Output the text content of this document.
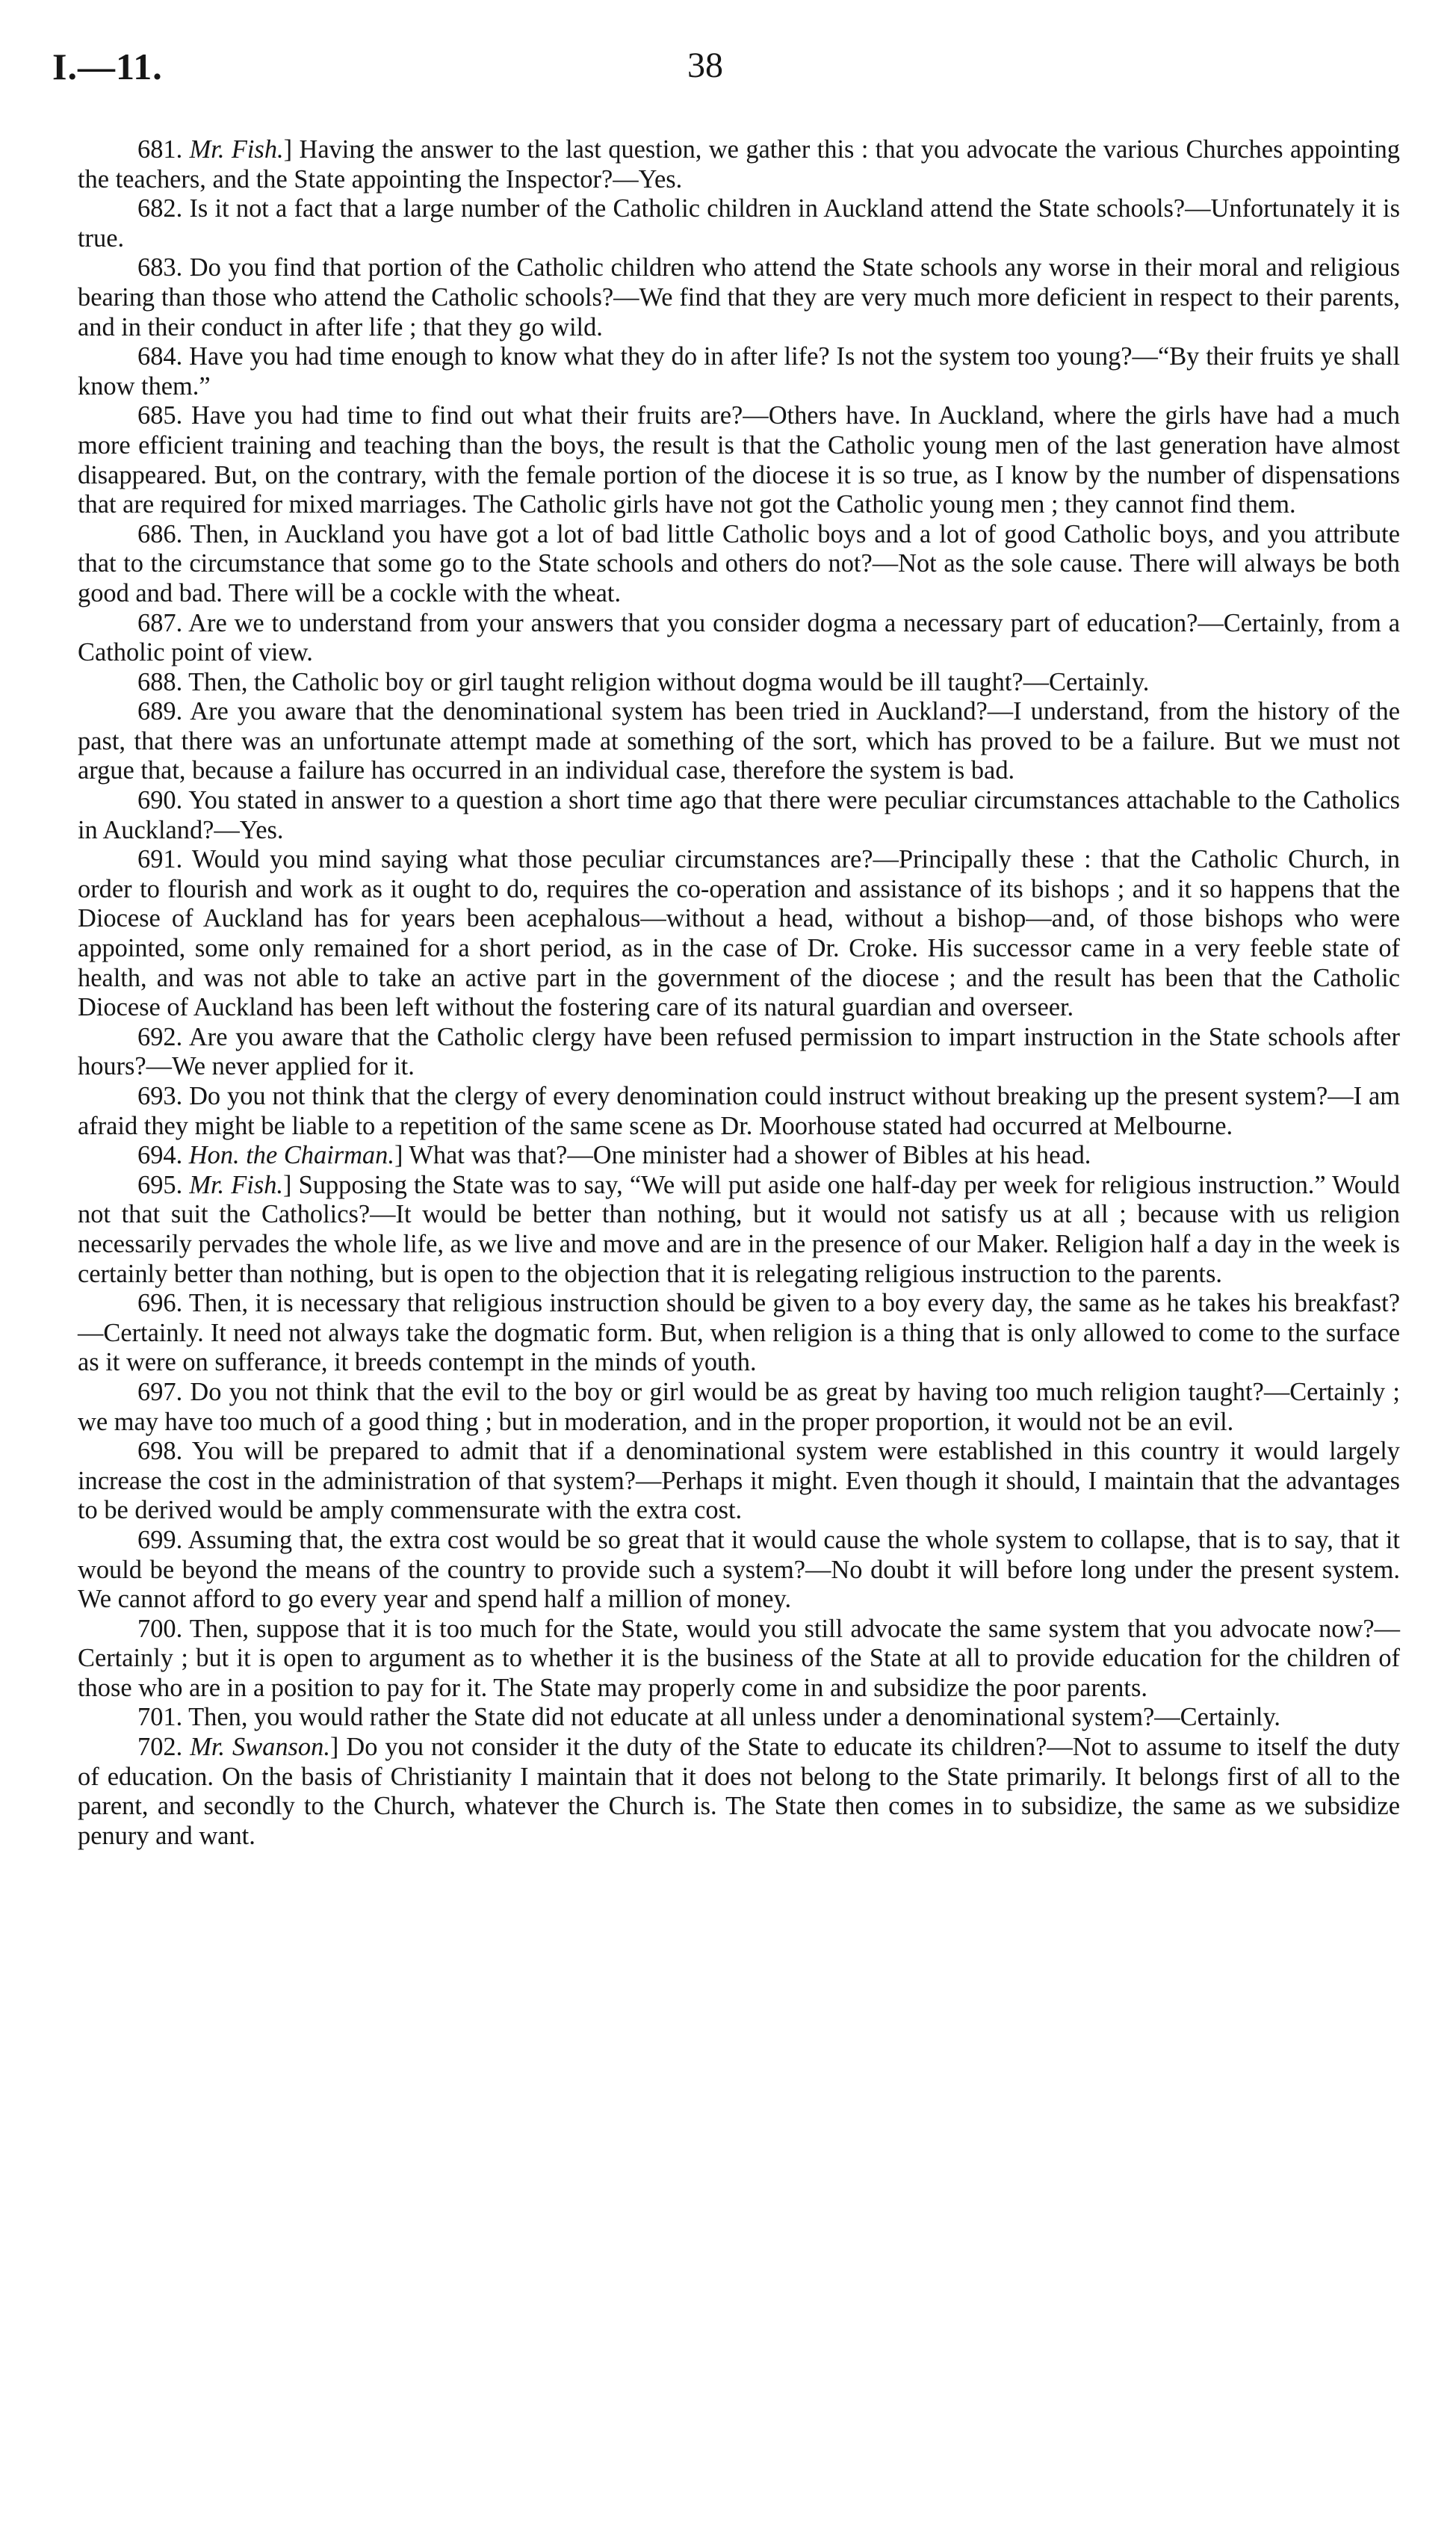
I.—11.	38

681. Mr. Fish.] Having the answer to the last question, we gather this : that you advocate the various Churches appointing the teachers, and the State appointing the Inspector?—Yes.

682. Is it not a fact that a large number of the Catholic children in Auckland attend the State schools?—Unfortunately it is true.

683. Do you find that portion of the Catholic children who attend the State schools any worse in their moral and religious bearing than those who attend the Catholic schools?—We find that they are very much more deficient in respect to their parents, and in their conduct in after life ; that they go wild.

684. Have you had time enough to know what they do in after life? Is not the system too young?—“By their fruits ye shall know them.”

685. Have you had time to find out what their fruits are?—Others have. In Auckland, where the girls have had a much more efficient training and teaching than the boys, the result is that the Catholic young men of the last generation have almost disappeared. But, on the contrary, with the female portion of the diocese it is so true, as I know by the number of dispensations that are required for mixed marriages. The Catholic girls have not got the Catholic young men ; they cannot find them.

686. Then, in Auckland you have got a lot of bad little Catholic boys and a lot of good Catholic boys, and you attribute that to the circumstance that some go to the State schools and others do not?—Not as the sole cause. There will always be both good and bad. There will be a cockle with the wheat.

687. Are we to understand from your answers that you consider dogma a necessary part of education?—Certainly, from a Catholic point of view.

688. Then, the Catholic boy or girl taught religion without dogma would be ill taught?—Certainly.

689. Are you aware that the denominational system has been tried in Auckland?—I understand, from the history of the past, that there was an unfortunate attempt made at something of the sort, which has proved to be a failure. But we must not argue that, because a failure has occurred in an individual case, therefore the system is bad.

690. You stated in answer to a question a short time ago that there were peculiar circumstances attachable to the Catholics in Auckland?—Yes.

691. Would you mind saying what those peculiar circumstances are?—Principally these : that the Catholic Church, in order to flourish and work as it ought to do, requires the co-operation and assistance of its bishops ; and it so happens that the Diocese of Auckland has for years been acephalous—without a head, without a bishop—and, of those bishops who were appointed, some only remained for a short period, as in the case of Dr. Croke. His successor came in a very feeble state of health, and was not able to take an active part in the government of the diocese ; and the result has been that the Catholic Diocese of Auckland has been left without the fostering care of its natural guardian and overseer.

692. Are you aware that the Catholic clergy have been refused permission to impart instruction in the State schools after hours?—We never applied for it.

693. Do you not think that the clergy of every denomination could instruct without breaking up the present system?—I am afraid they might be liable to a repetition of the same scene as Dr. Moorhouse stated had occurred at Melbourne.

694. Hon. the Chairman.] What was that?—One minister had a shower of Bibles at his head.

695. Mr. Fish.] Supposing the State was to say, “We will put aside one half-day per week for religious instruction.” Would not that suit the Catholics?—It would be better than nothing, but it would not satisfy us at all ; because with us religion necessarily pervades the whole life, as we live and move and are in the presence of our Maker. Religion half a day in the week is certainly better than nothing, but is open to the objection that it is relegating religious instruction to the parents.

696. Then, it is necessary that religious instruction should be given to a boy every day, the same as he takes his breakfast?—Certainly. It need not always take the dogmatic form. But, when religion is a thing that is only allowed to come to the surface as it were on sufferance, it breeds contempt in the minds of youth.

697. Do you not think that the evil to the boy or girl would be as great by having too much religion taught?—Certainly ; we may have too much of a good thing ; but in moderation, and in the proper proportion, it would not be an evil.

698. You will be prepared to admit that if a denominational system were established in this country it would largely increase the cost in the administration of that system?—Perhaps it might. Even though it should, I maintain that the advantages to be derived would be amply commensurate with the extra cost.

699. Assuming that, the extra cost would be so great that it would cause the whole system to collapse, that is to say, that it would be beyond the means of the country to provide such a system?—No doubt it will before long under the present system. We cannot afford to go every year and spend half a million of money.

700. Then, suppose that it is too much for the State, would you still advocate the same system that you advocate now?—Certainly ; but it is open to argument as to whether it is the business of the State at all to provide education for the children of those who are in a position to pay for it. The State may properly come in and subsidize the poor parents.

701. Then, you would rather the State did not educate at all unless under a denominational system?—Certainly.

702. Mr. Swanson.] Do you not consider it the duty of the State to educate its children?—Not to assume to itself the duty of education. On the basis of Christianity I maintain that it does not belong to the State primarily. It belongs first of all to the parent, and secondly to the Church, whatever the Church is. The State then comes in to subsidize, the same as we subsidize penury and want.
